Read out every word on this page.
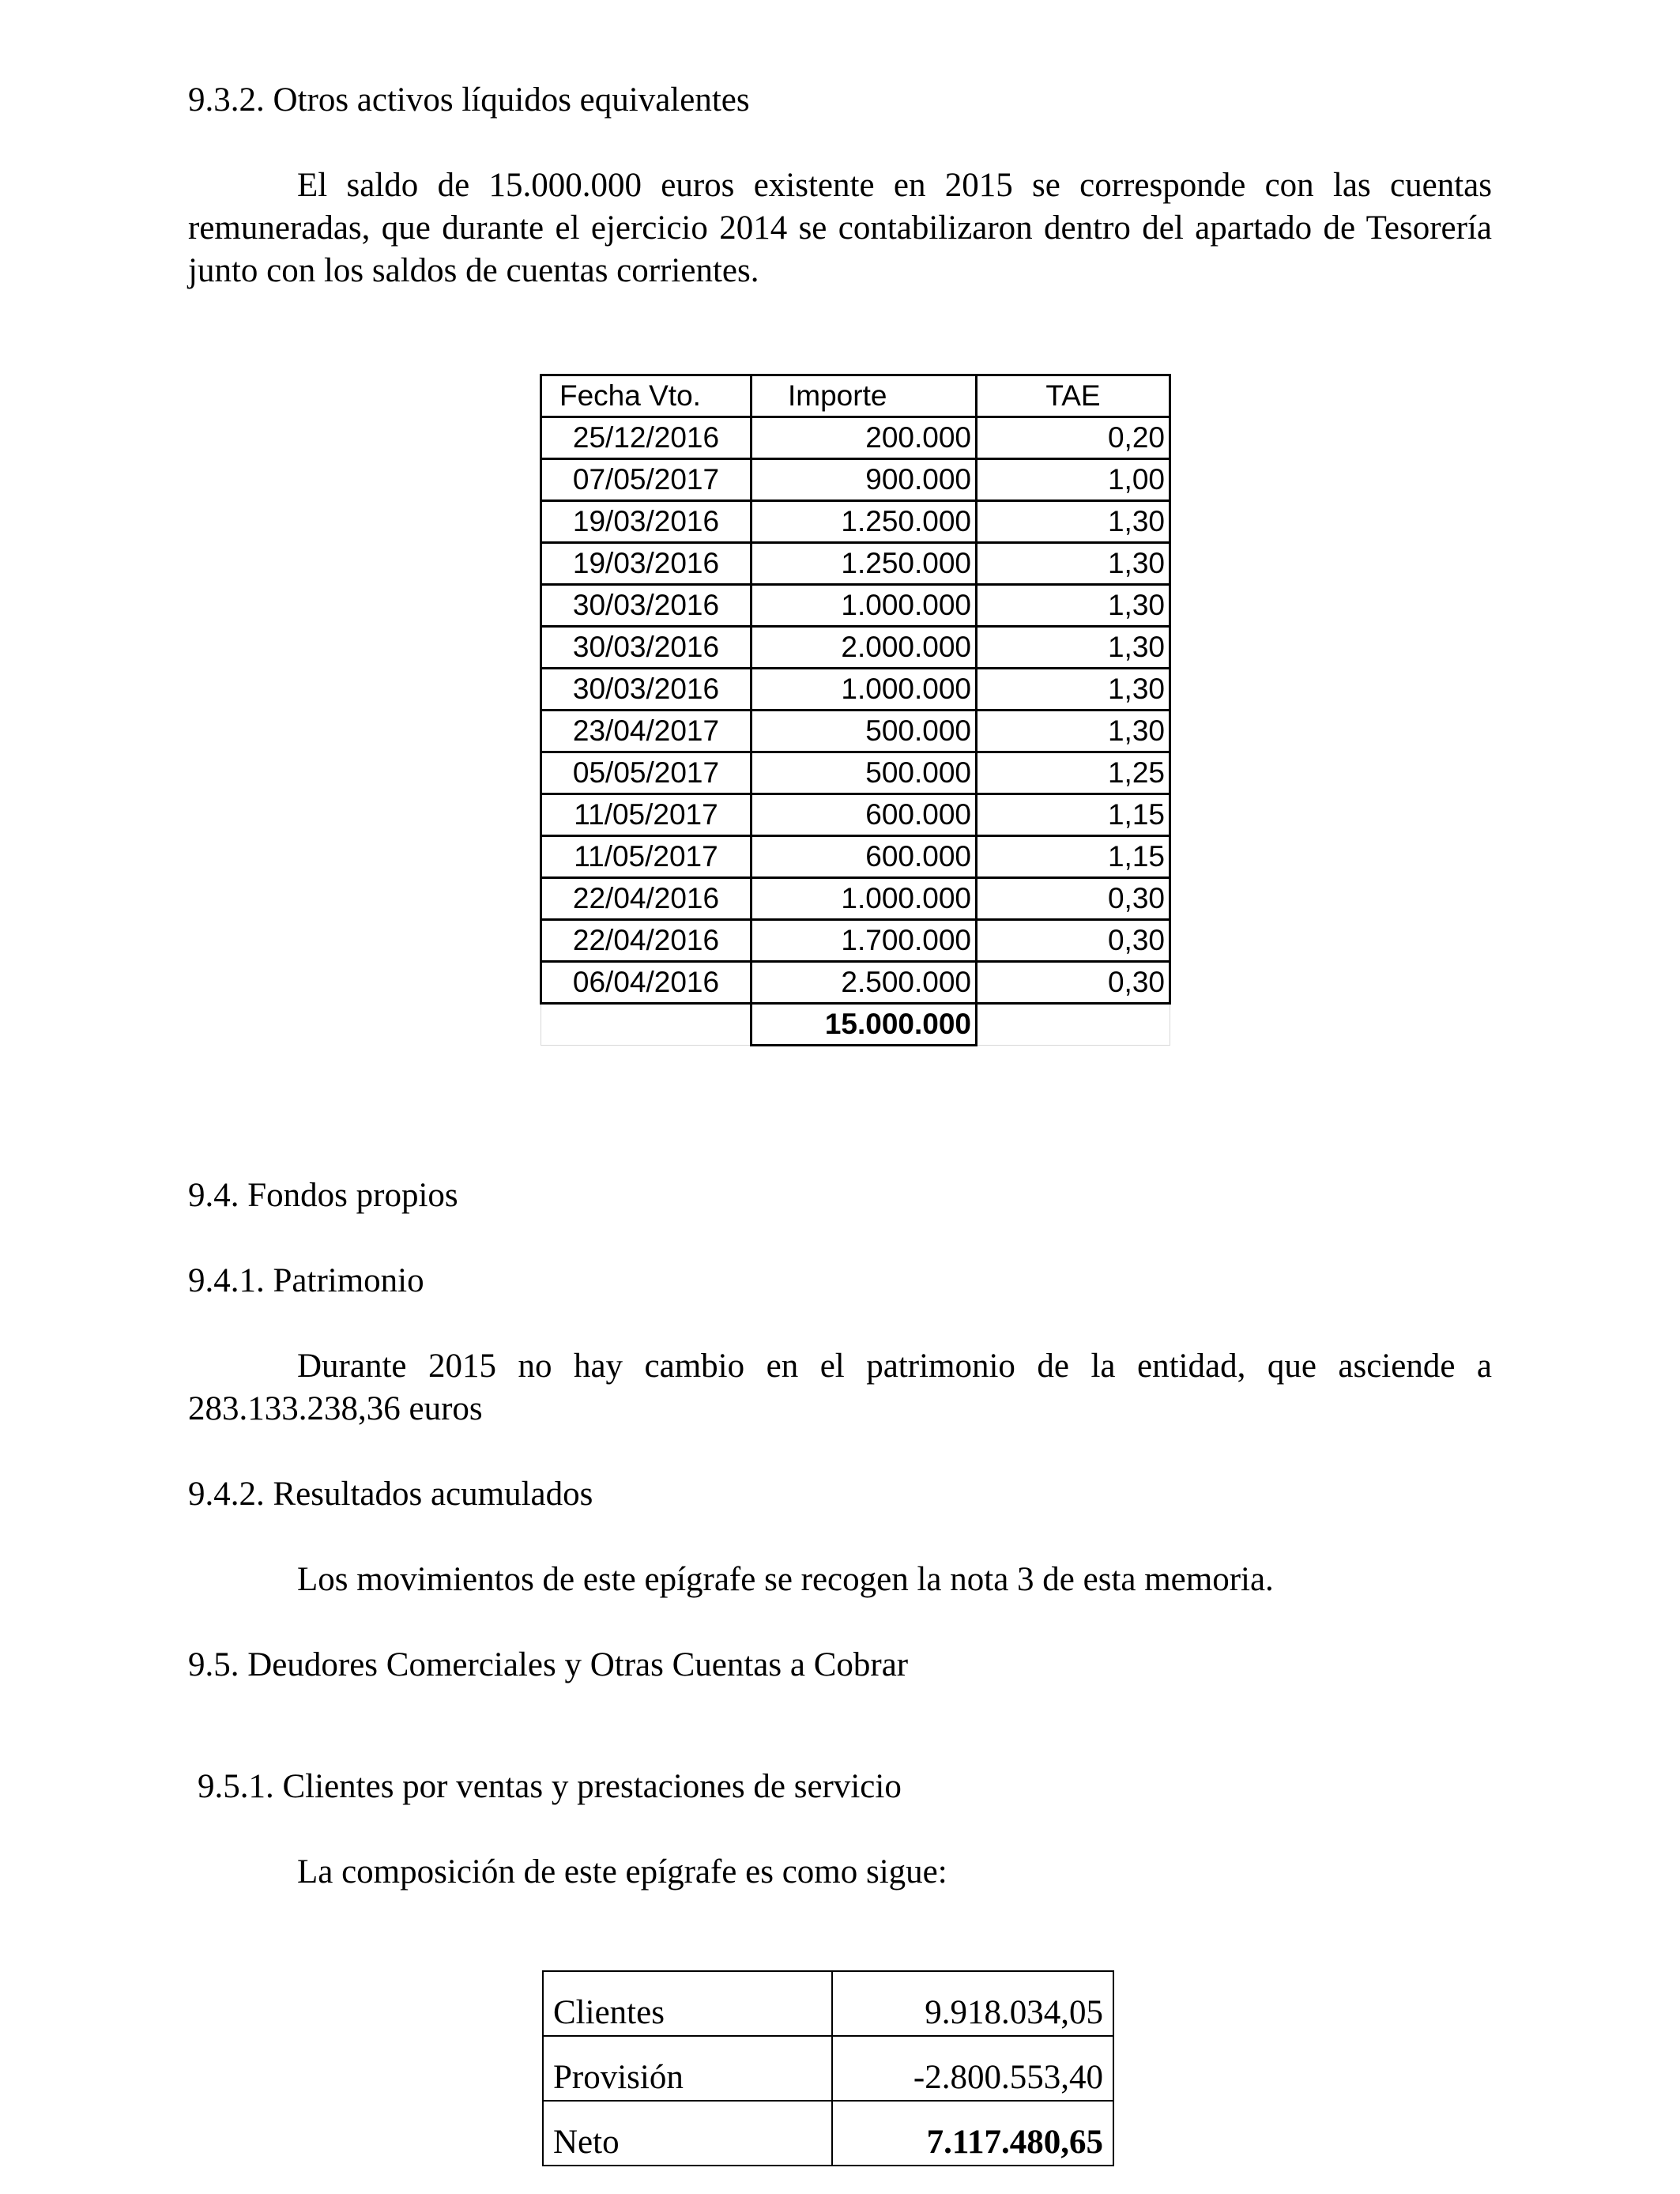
9.3.2. Otros activos líquidos equivalentes
El saldo de 15.000.000 euros existente en 2015 se corresponde con las cuentas remuneradas, que durante el ejercicio 2014 se contabilizaron dentro del apartado de Tesorería junto con los saldos de cuentas corrientes.
Fecha Vto.	Importe	TAE
25/12/2016	200.000	0,20
07/05/2017	900.000	1,00
19/03/2016	1.250.000	1,30
19/03/2016	1.250.000	1,30
30/03/2016	1.000.000	1,30
30/03/2016	2.000.000	1,30
30/03/2016	1.000.000	1,30
23/04/2017	500.000	1,30
05/05/2017	500.000	1,25
11/05/2017	600.000	1,15
11/05/2017	600.000	1,15
22/04/2016	1.000.000	0,30
22/04/2016	1.700.000	0,30
06/04/2016	2.500.000	0,30
	15.000.000	
9.4. Fondos propios
9.4.1. Patrimonio
Durante 2015 no hay cambio en el patrimonio de la entidad, que asciende a 283.133.238,36 euros
9.4.2. Resultados acumulados
Los movimientos de este epígrafe se recogen la nota 3 de esta memoria.
9.5. Deudores Comerciales y Otras Cuentas a Cobrar
9.5.1. Clientes por ventas y prestaciones de servicio
La composición de este epígrafe es como sigue:
Clientes	9.918.034,05
Provisión	-2.800.553,40
Neto	7.117.480,65
